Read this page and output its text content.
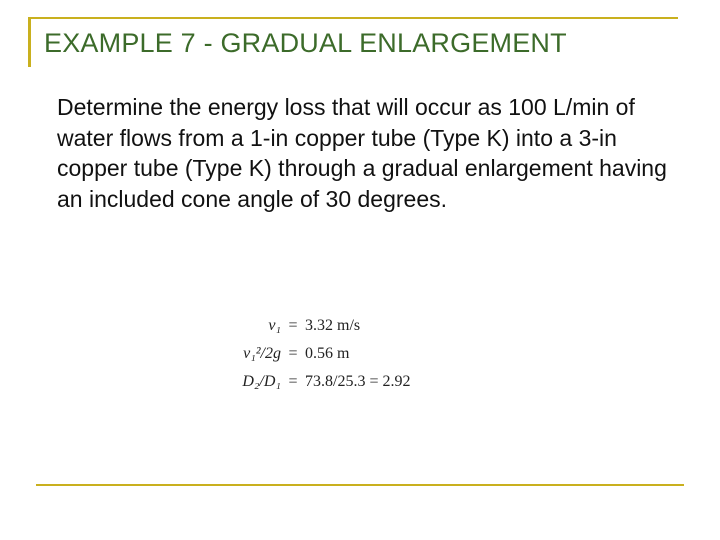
EXAMPLE 7 - GRADUAL ENLARGEMENT
Determine the energy loss that will occur as 100 L/min of water flows from a 1-in copper tube (Type K) into a 3-in copper tube (Type K) through a gradual enlargement having an included cone angle of 30 degrees.
v₁ = 3.32 m/s
v₁²/2g = 0.56 m
D₂/D₁ = 73.8/25.3 = 2.92
